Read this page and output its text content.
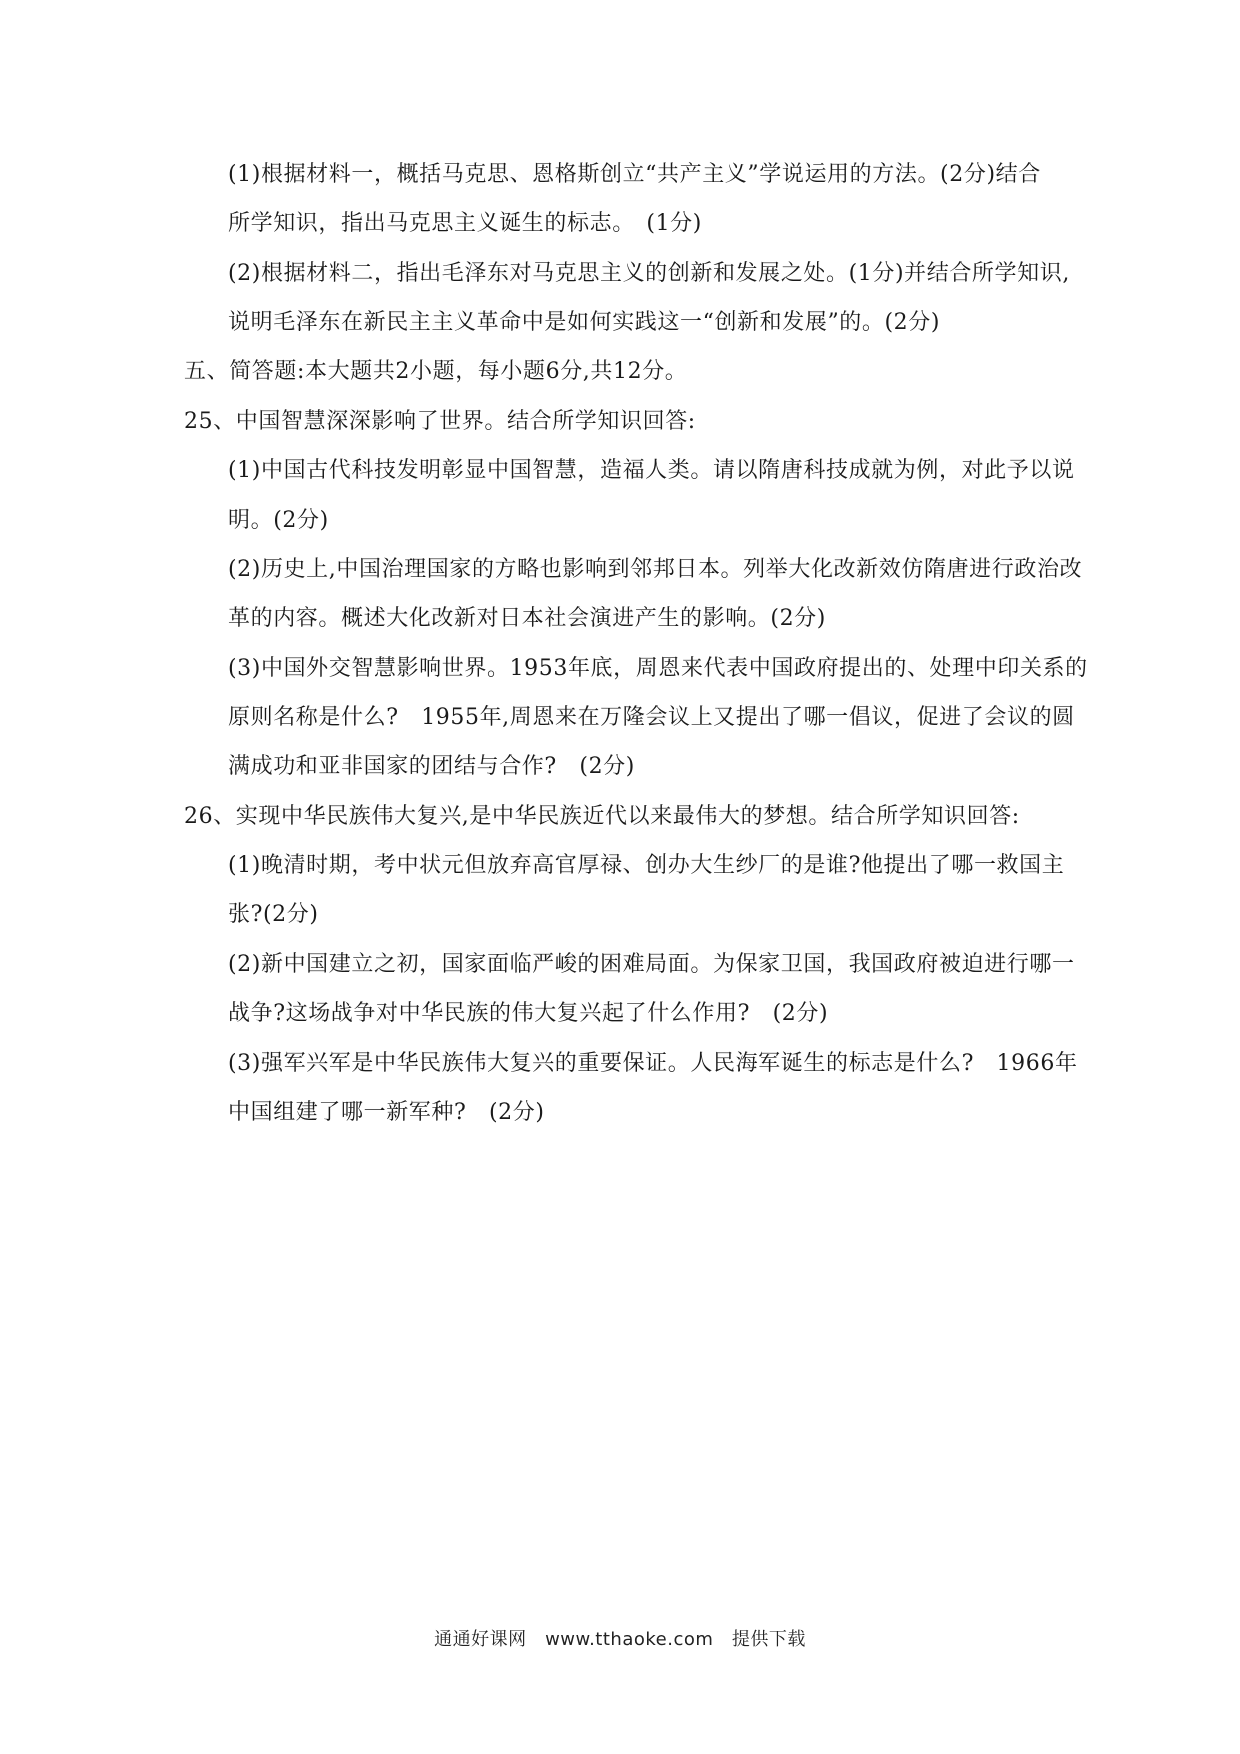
(1)根据材料一，概括马克思、恩格斯创立“共产主义”学说运用的方法。(2分)结合
所学知识，指出马克思主义诞生的标志。　(1分)
(2)根据材料二，指出毛泽东对马克思主义的创新和发展之处。(1分)并结合所学知识,
说明毛泽东在新民主主义革命中是如何实践这一“创新和发展”的。(2分)
五、简答题:本大题共2小题，每小题6分,共12分。
25、中国智慧深深影响了世界。结合所学知识回答:
(1)中国古代科技发明彰显中国智慧，造福人类。请以隋唐科技成就为例，对此予以说
明。(2分)
(2)历史上,中国治理国家的方略也影响到邻邦日本。列举大化改新效仿隋唐进行政治改
革的内容。概述大化改新对日本社会演进产生的影响。(2分)
(3)中国外交智慧影响世界。1953年底，周恩来代表中国政府提出的、处理中印关系的
原则名称是什么?　1955年,周恩来在万隆会议上又提出了哪一倡议，促进了会议的圆
满成功和亚非国家的团结与合作?　(2分)
26、实现中华民族伟大复兴,是中华民族近代以来最伟大的梦想。结合所学知识回答:
(1)晚清时期，考中状元但放弃高官厚禄、创办大生纱厂的是谁?他提出了哪一救国主
张?(2分)
(2)新中国建立之初，国家面临严峻的困难局面。为保家卫国，我国政府被迫进行哪一
战争?这场战争对中华民族的伟大复兴起了什么作用?　(2分)
(3)强军兴军是中华民族伟大复兴的重要保证。人民海军诞生的标志是什么?　1966年
中国组建了哪一新军种?　(2分)
通通好课网　www.tthaoke.com　提供下载
